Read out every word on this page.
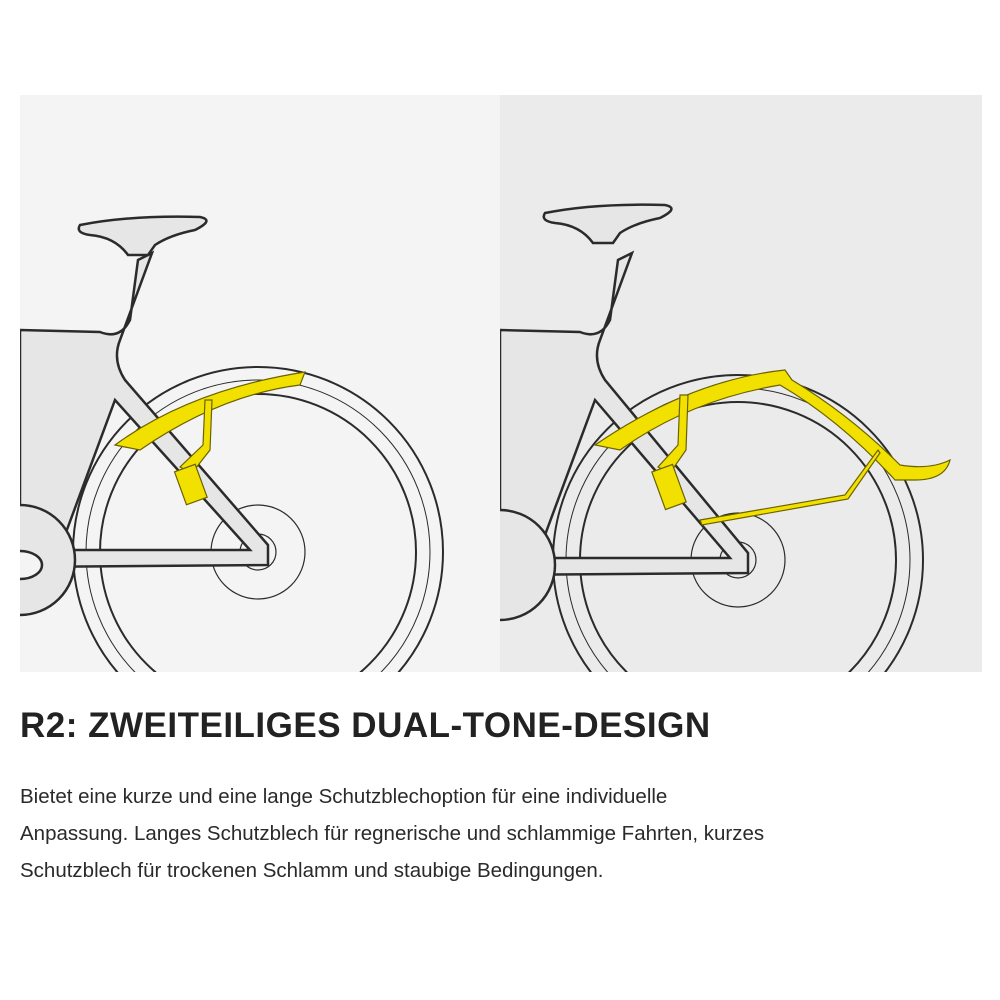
R2: ZWEITEILIGES DUAL-TONE-DESIGN
Bietet eine kurze und eine lange Schutzblechoption für eine individuelle
Anpassung. Langes Schutzblech für regnerische und schlammige Fahrten, kurzes
Schutzblech für trockenen Schlamm und staubige Bedingungen.
